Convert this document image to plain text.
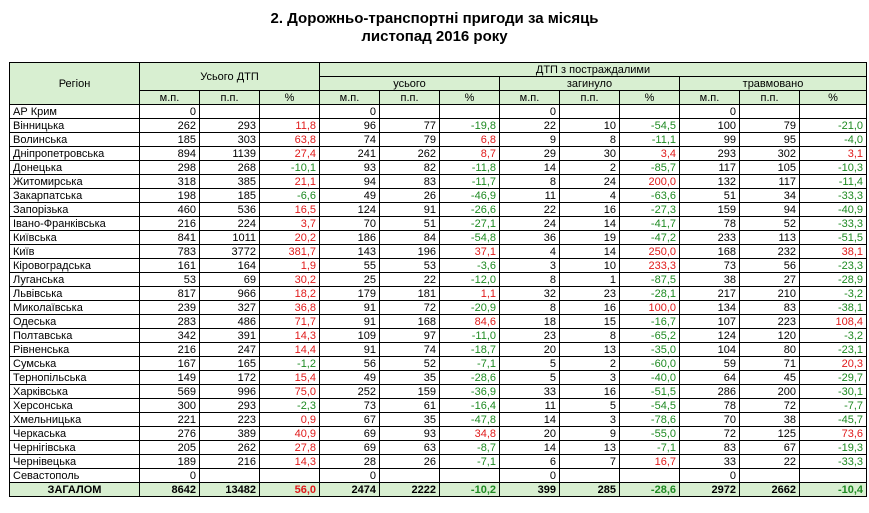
2. Дорожньо-транспортні пригоди за місяць
листопад 2016 року
Регіон	Усього ДТП			ДТП з постраждалими								
				усього			загинуло			травмовано		
	м.п.	п.п.	%	м.п.	п.п.	%	м.п.	п.п.	%	м.п.	п.п.	%
АР Крим	0			0			0			0		
Вінницька	262	293	11,8	96	77	-19,8	22	10	-54,5	100	79	-21,0
Волинська	185	303	63,8	74	79	6,8	9	8	-11,1	99	95	-4,0
Дніпропетровська	894	1139	27,4	241	262	8,7	29	30	3,4	293	302	3,1
Донецька	298	268	-10,1	93	82	-11,8	14	2	-85,7	117	105	-10,3
Житомирська	318	385	21,1	94	83	-11,7	8	24	200,0	132	117	-11,4
Закарпатська	198	185	-6,6	49	26	-46,9	11	4	-63,6	51	34	-33,3
Запорізька	460	536	16,5	124	91	-26,6	22	16	-27,3	159	94	-40,9
Івано-Франківська	216	224	3,7	70	51	-27,1	24	14	-41,7	78	52	-33,3
Київська	841	1011	20,2	186	84	-54,8	36	19	-47,2	233	113	-51,5
Київ	783	3772	381,7	143	196	37,1	4	14	250,0	168	232	38,1
Кіровоградська	161	164	1,9	55	53	-3,6	3	10	233,3	73	56	-23,3
Луганська	53	69	30,2	25	22	-12,0	8	1	-87,5	38	27	-28,9
Львівська	817	966	18,2	179	181	1,1	32	23	-28,1	217	210	-3,2
Миколаївська	239	327	36,8	91	72	-20,9	8	16	100,0	134	83	-38,1
Одеська	283	486	71,7	91	168	84,6	18	15	-16,7	107	223	108,4
Полтавська	342	391	14,3	109	97	-11,0	23	8	-65,2	124	120	-3,2
Рівненська	216	247	14,4	91	74	-18,7	20	13	-35,0	104	80	-23,1
Сумська	167	165	-1,2	56	52	-7,1	5	2	-60,0	59	71	20,3
Тернопільська	149	172	15,4	49	35	-28,6	5	3	-40,0	64	45	-29,7
Харківська	569	996	75,0	252	159	-36,9	33	16	-51,5	286	200	-30,1
Херсонська	300	293	-2,3	73	61	-16,4	11	5	-54,5	78	72	-7,7
Хмельницька	221	223	0,9	67	35	-47,8	14	3	-78,6	70	38	-45,7
Черкаська	276	389	40,9	69	93	34,8	20	9	-55,0	72	125	73,6
Чернігівська	205	262	27,8	69	63	-8,7	14	13	-7,1	83	67	-19,3
Чернівецька	189	216	14,3	28	26	-7,1	6	7	16,7	33	22	-33,3
Севастополь	0			0			0			0		
ЗАГАЛОМ	8642	13482	56,0	2474	2222	-10,2	399	285	-28,6	2972	2662	-10,4
